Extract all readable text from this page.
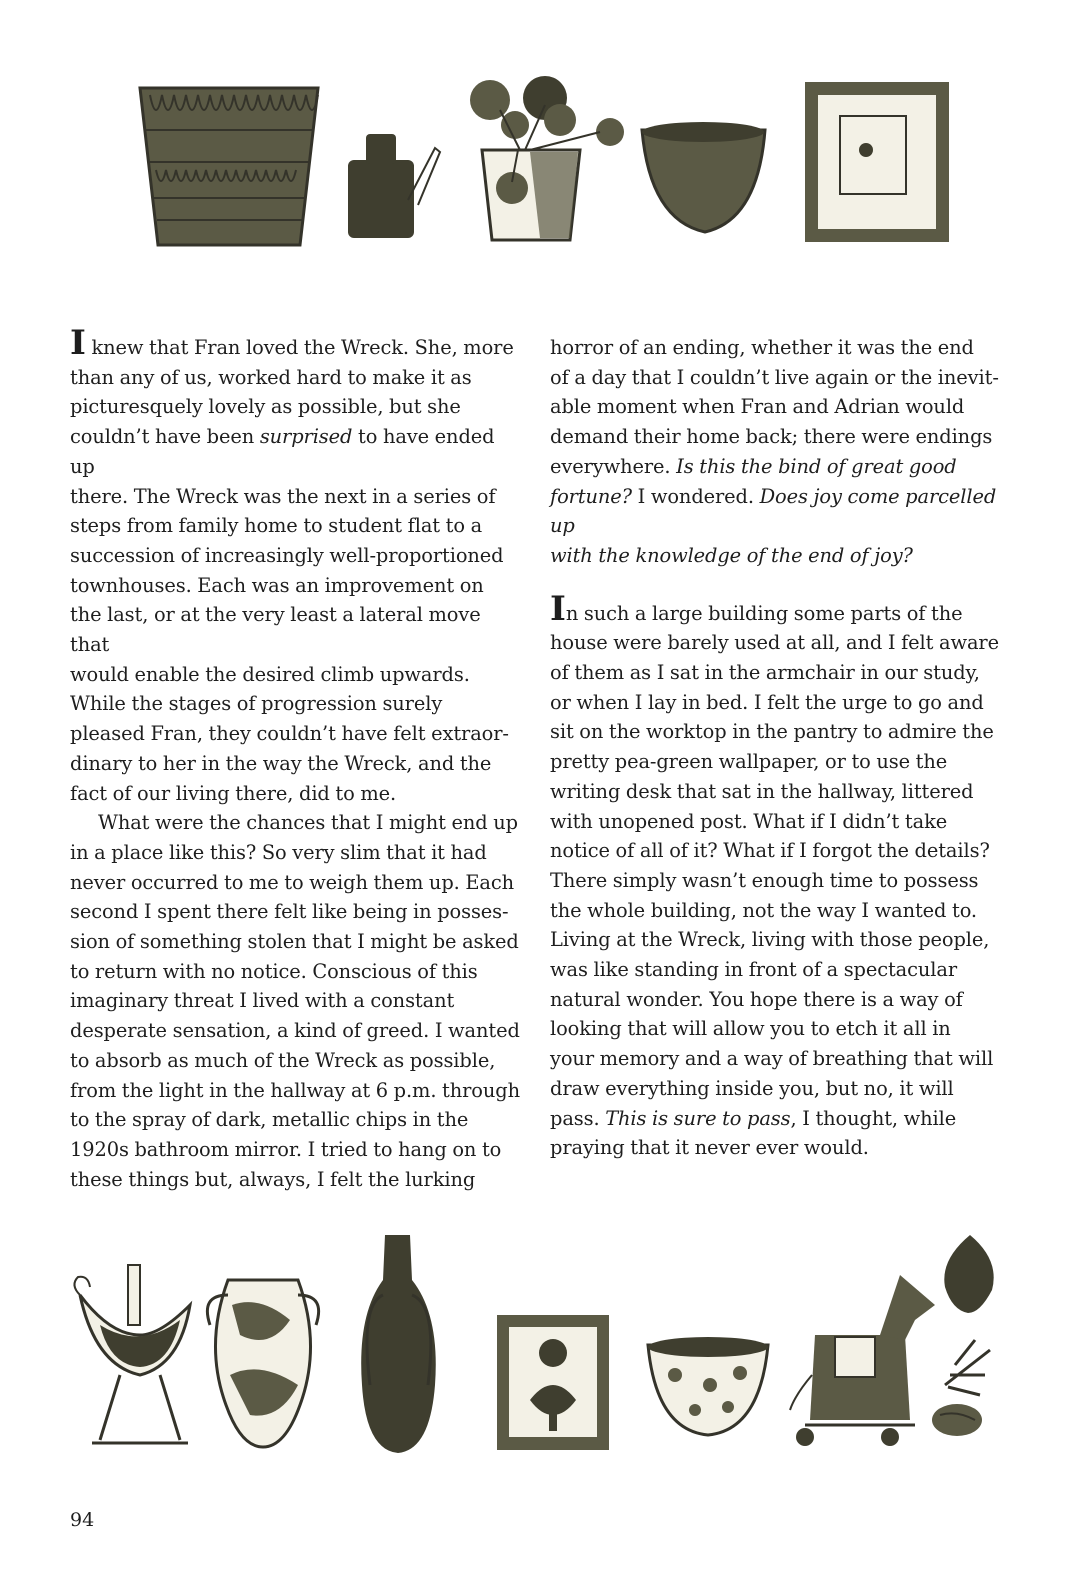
I knew that Fran loved the Wreck. She, more
than any of us, worked hard to make it as
picturesquely lovely as possible, but she
couldn’t have been surprised to have ended up
there. The Wreck was the next in a series of
steps from family home to student flat to a
succession of increasingly well-proportioned
townhouses. Each was an improvement on
the last, or at the very least a lateral move that
would enable the desired climb upwards.
While the stages of progression surely
pleased Fran, they couldn’t have felt extraor-
dinary to her in the way the Wreck, and the
fact of our living there, did to me.

What were the chances that I might end up
in a place like this? So very slim that it had
never occurred to me to weigh them up. Each
second I spent there felt like being in posses-
sion of something stolen that I might be asked
to return with no notice. Conscious of this
imaginary threat I lived with a constant
desperate sensation, a kind of greed. I wanted
to absorb as much of the Wreck as possible,
from the light in the hallway at 6 p.m. through
to the spray of dark, metallic chips in the
1920s bathroom mirror. I tried to hang on to
these things but, always, I felt the lurking

horror of an ending, whether it was the end
of a day that I couldn’t live again or the inevit-
able moment when Fran and Adrian would
demand their home back; there were endings
everywhere. Is this the bind of great good
fortune? I wondered. Does joy come parcelled up
with the knowledge of the end of joy?

In such a large building some parts of the
house were barely used at all, and I felt aware
of them as I sat in the armchair in our study,
or when I lay in bed. I felt the urge to go and
sit on the worktop in the pantry to admire the
pretty pea-green wallpaper, or to use the
writing desk that sat in the hallway, littered
with unopened post. What if I didn’t take
notice of all of it? What if I forgot the details?
There simply wasn’t enough time to possess
the whole building, not the way I wanted to.
Living at the Wreck, living with those people,
was like standing in front of a spectacular
natural wonder. You hope there is a way of
looking that will allow you to etch it all in
your memory and a way of breathing that will
draw everything inside you, but no, it will
pass. This is sure to pass, I thought, while
praying that it never ever would.

94
